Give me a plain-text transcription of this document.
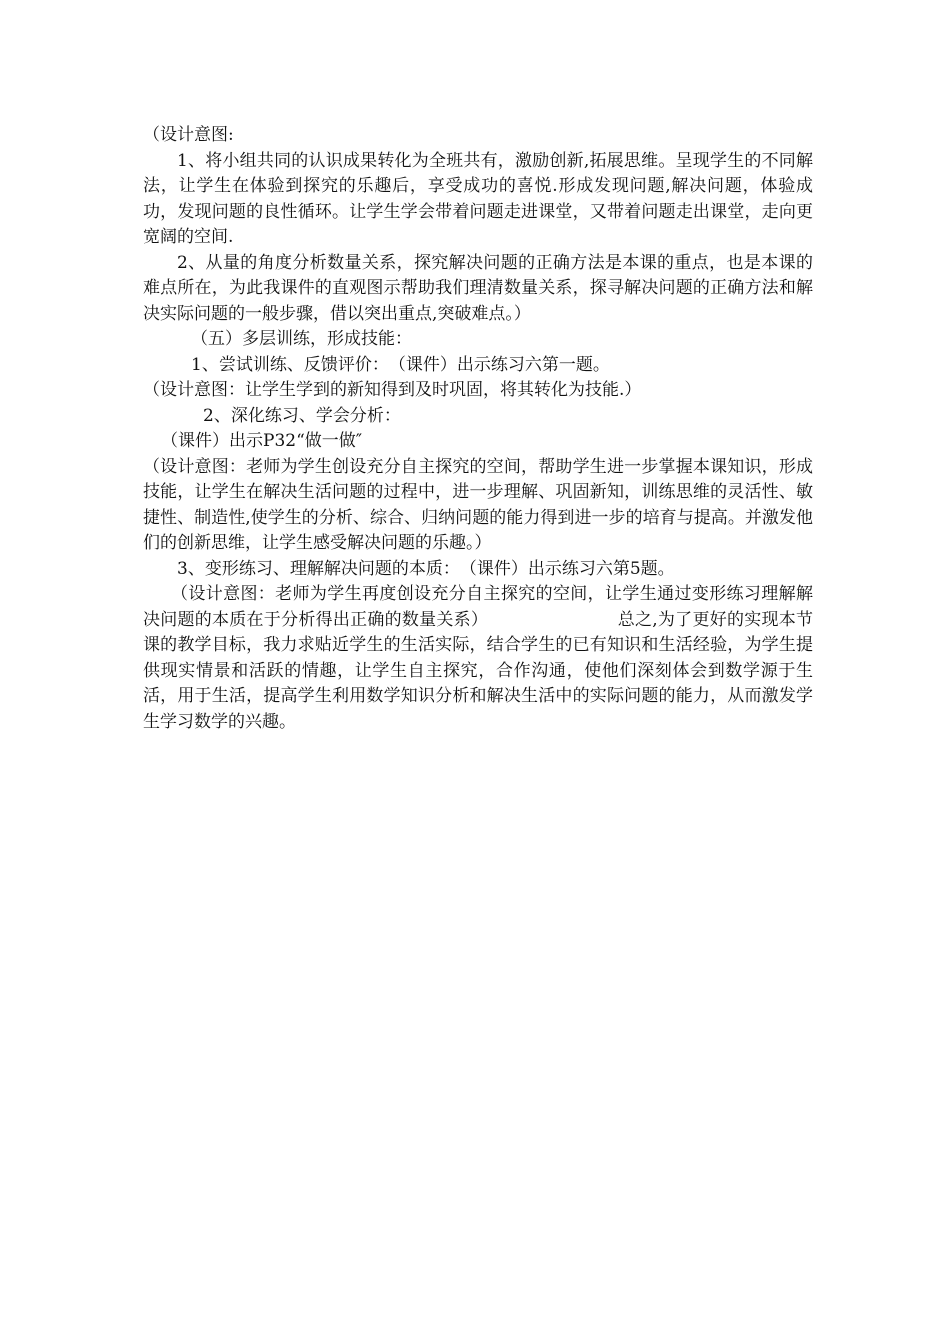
（设计意图:

1、将小组共同的认识成果转化为全班共有，激励创新,拓展思维。呈现学生的不同解法，让学生在体验到探究的乐趣后，享受成功的喜悦.形成发现问题,解决问题，体验成功，发现问题的良性循环。让学生学会带着问题走进课堂，又带着问题走出课堂，走向更宽阔的空间.

2、从量的角度分析数量关系，探究解决问题的正确方法是本课的重点，也是本课的难点所在，为此我课件的直观图示帮助我们理清数量关系，探寻解决问题的正确方法和解决实际问题的一般步骤，借以突出重点,突破难点。）

（五）多层训练，形成技能：

1、尝试训练、反馈评价：　（课件）出示练习六第一题。

（设计意图：让学生学到的新知得到及时巩固，将其转化为技能.）

2、深化练习、学会分析：

（课件）出示P32“做一做″

（设计意图：老师为学生创设充分自主探究的空间，帮助学生进一步掌握本课知识，形成技能，让学生在解决生活问题的过程中，进一步理解、巩固新知，训练思维的灵活性、敏捷性、制造性,使学生的分析、综合、归纳问题的能力得到进一步的培育与提高。并激发他们的创新思维，让学生感受解决问题的乐趣。）

3、变形练习、理解解决问题的本质：　（课件）出示练习六第5题。

（设计意图：老师为学生再度创设充分自主探究的空间，让学生通过变形练习理解解决问题的本质在于分析得出正确的数量关系）　　　　　　　　总之,为了更好的实现本节课的教学目标，我力求贴近学生的生活实际，结合学生的已有知识和生活经验，为学生提供现实情景和活跃的情趣，让学生自主探究，合作沟通，使他们深刻体会到数学源于生活，用于生活，提高学生利用数学知识分析和解决生活中的实际问题的能力，从而激发学生学习数学的兴趣。
